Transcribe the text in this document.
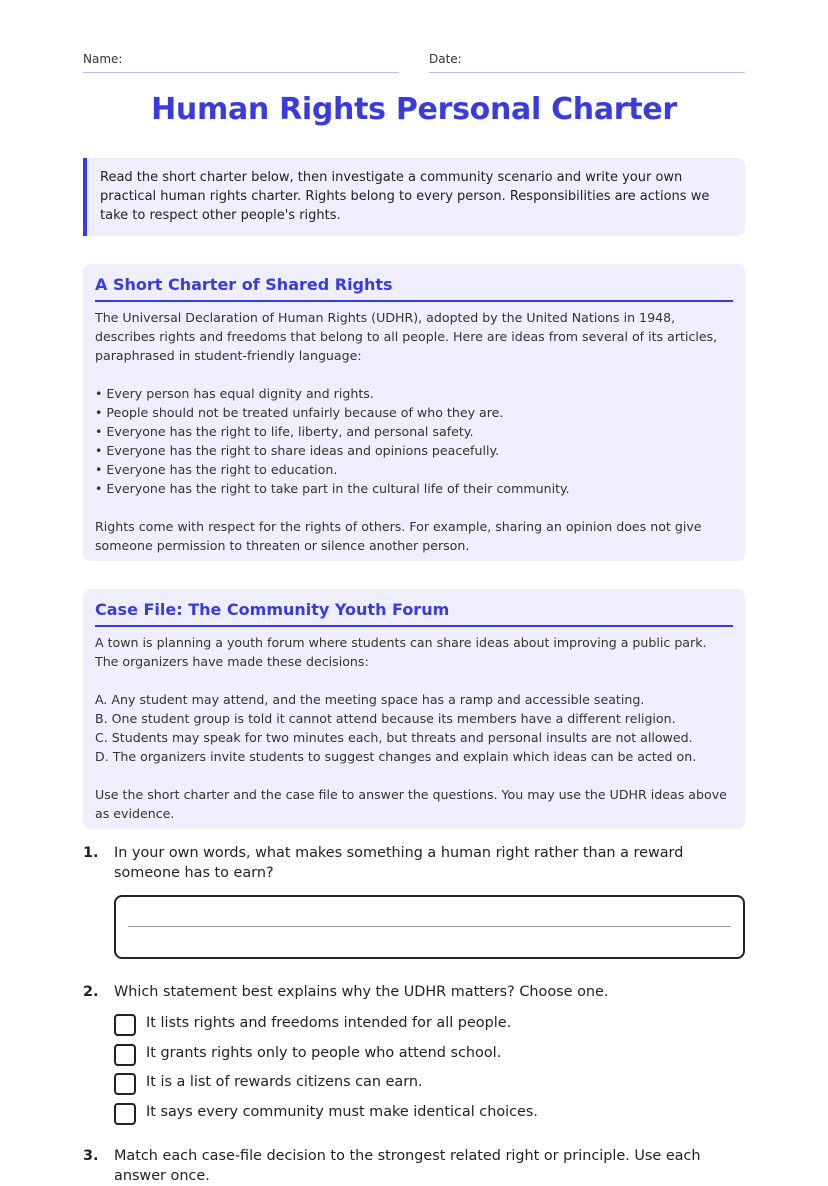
Name:	Date:
Human Rights Personal Charter
Read the short charter below, then investigate a community scenario and write your own practical human rights charter. Rights belong to every person. Responsibilities are actions we take to respect other people's rights.
A Short Charter of Shared Rights

The Universal Declaration of Human Rights (UDHR), adopted by the United Nations in 1948, describes rights and freedoms that belong to all people. Here are ideas from several of its articles, paraphrased in student-friendly language:

• Every person has equal dignity and rights.
• People should not be treated unfairly because of who they are.
• Everyone has the right to life, liberty, and personal safety.
• Everyone has the right to share ideas and opinions peacefully.
• Everyone has the right to education.
• Everyone has the right to take part in the cultural life of their community.

Rights come with respect for the rights of others. For example, sharing an opinion does not give someone permission to threaten or silence another person.

Case File: The Community Youth Forum

A town is planning a youth forum where students can share ideas about improving a public park. The organizers have made these decisions:

A. Any student may attend, and the meeting space has a ramp and accessible seating.
B. One student group is told it cannot attend because its members have a different religion.
C. Students may speak for two minutes each, but threats and personal insults are not allowed.
D. The organizers invite students to suggest changes and explain which ideas can be acted on.

Use the short charter and the case file to answer the questions. You may use the UDHR ideas above as evidence.

1. In your own words, what makes something a human right rather than a reward someone has to earn?
2. Which statement best explains why the UDHR matters? Choose one.
It lists rights and freedoms intended for all people.
It grants rights only to people who attend school.
It is a list of rewards citizens can earn.
It says every community must make identical choices.
3. Match each case-file decision to the strongest related right or principle. Use each answer once.
